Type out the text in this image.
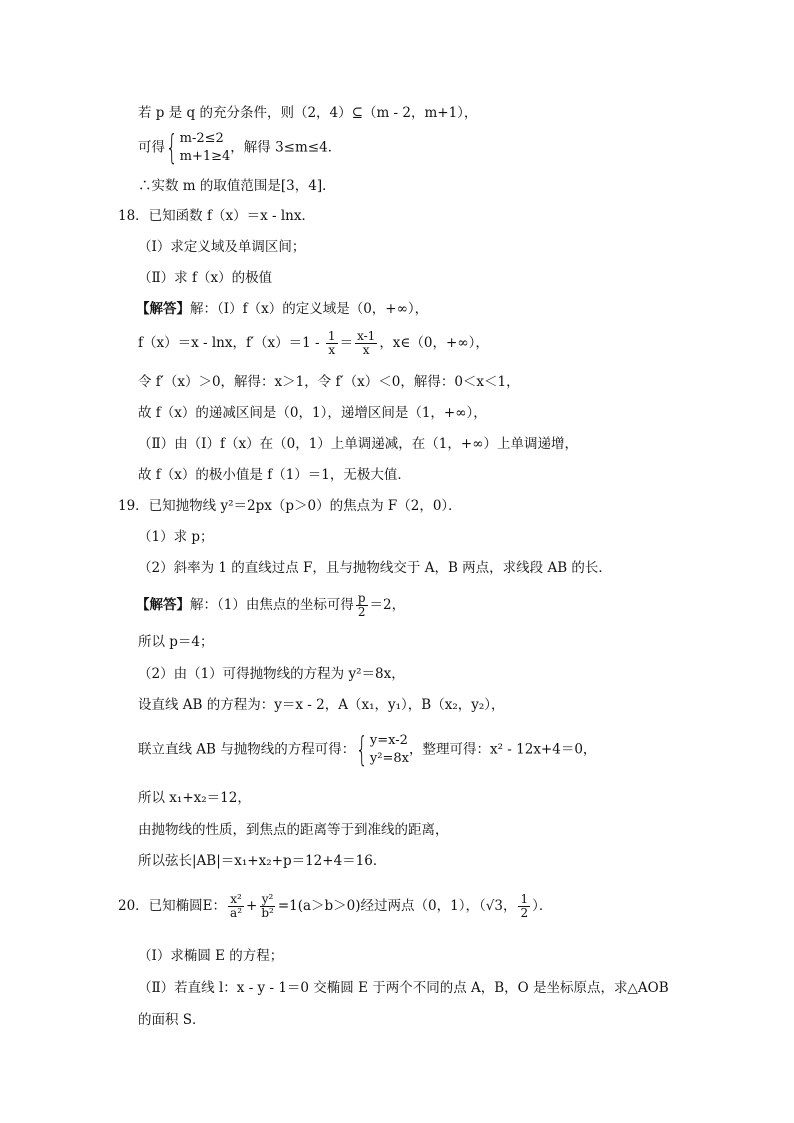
若 p 是 q 的充分条件，则（2，4）⊆（m - 2，m+1），
可得 { m-2≤2
m+1≥4
，解得 3≤m≤4．
∴实数 m 的取值范围是[3，4]．
18．已知函数 f（x）＝x - lnx．
（Ⅰ）求定义域及单调区间；
（Ⅱ）求 f（x）的极值
【解答】解：（Ⅰ）f（x）的定义域是（0，+∞），
f（x）＝x - lnx，$f'(x)=1 - \frac{1}{x} = \frac{x-1}{x}$ ，x∈（0，+∞），
令 f′（x）＞0，解得：x＞1，令 f′（x）＜0，解得：0＜x＜1，
故 f（x）的递减区间是（0，1），递增区间是（1，+∞），
（Ⅱ）由（Ⅰ）f（x）在（0，1）上单调递减，在（1，+∞）上单调递增，
故 f（x）的极小值是 f（1）＝1，无极大值．
19．已知抛物线 y²＝2px（p＞0）的焦点为 F（2，0）．
（1）求 p；
（2）斜率为 1 的直线过点 F，且与抛物线交于 A，B 两点，求线段 AB 的长．
【解答】解：（1）由焦点的坐标可得 $\frac{p}{2} =2$，
所以 p＝4；
（2）由（1）可得抛物线的方程为 y²＝8x，
设直线 AB 的方程为：y＝x - 2，A（x₁，y₁），B（x₂，y₂），
联立直线 AB 与抛物线的方程可得： { y=x-2
y²=8x
，整理可得：x² - 12x+4＝0，
所以 x₁+x₂＝12，
由抛物线的性质，到焦点的距离等于到准线的距离，
所以弦长|AB|＝x₁+x₂+p＝12+4＝16．
20．已知椭圆E： $\frac{\text{x²}}{\text{a²}} + \frac{\text{y²}}{\text{b²}} =1(a>b>0)$经过两点（0，1），（√3， $\frac{1}{2}$ ）．
（Ⅰ）求椭圆 E 的方程；
（Ⅱ）若直线 l：x - y - 1＝0 交椭圆 E 于两个不同的点 A，B，O 是坐标原点，求△AOB
的面积 S．
